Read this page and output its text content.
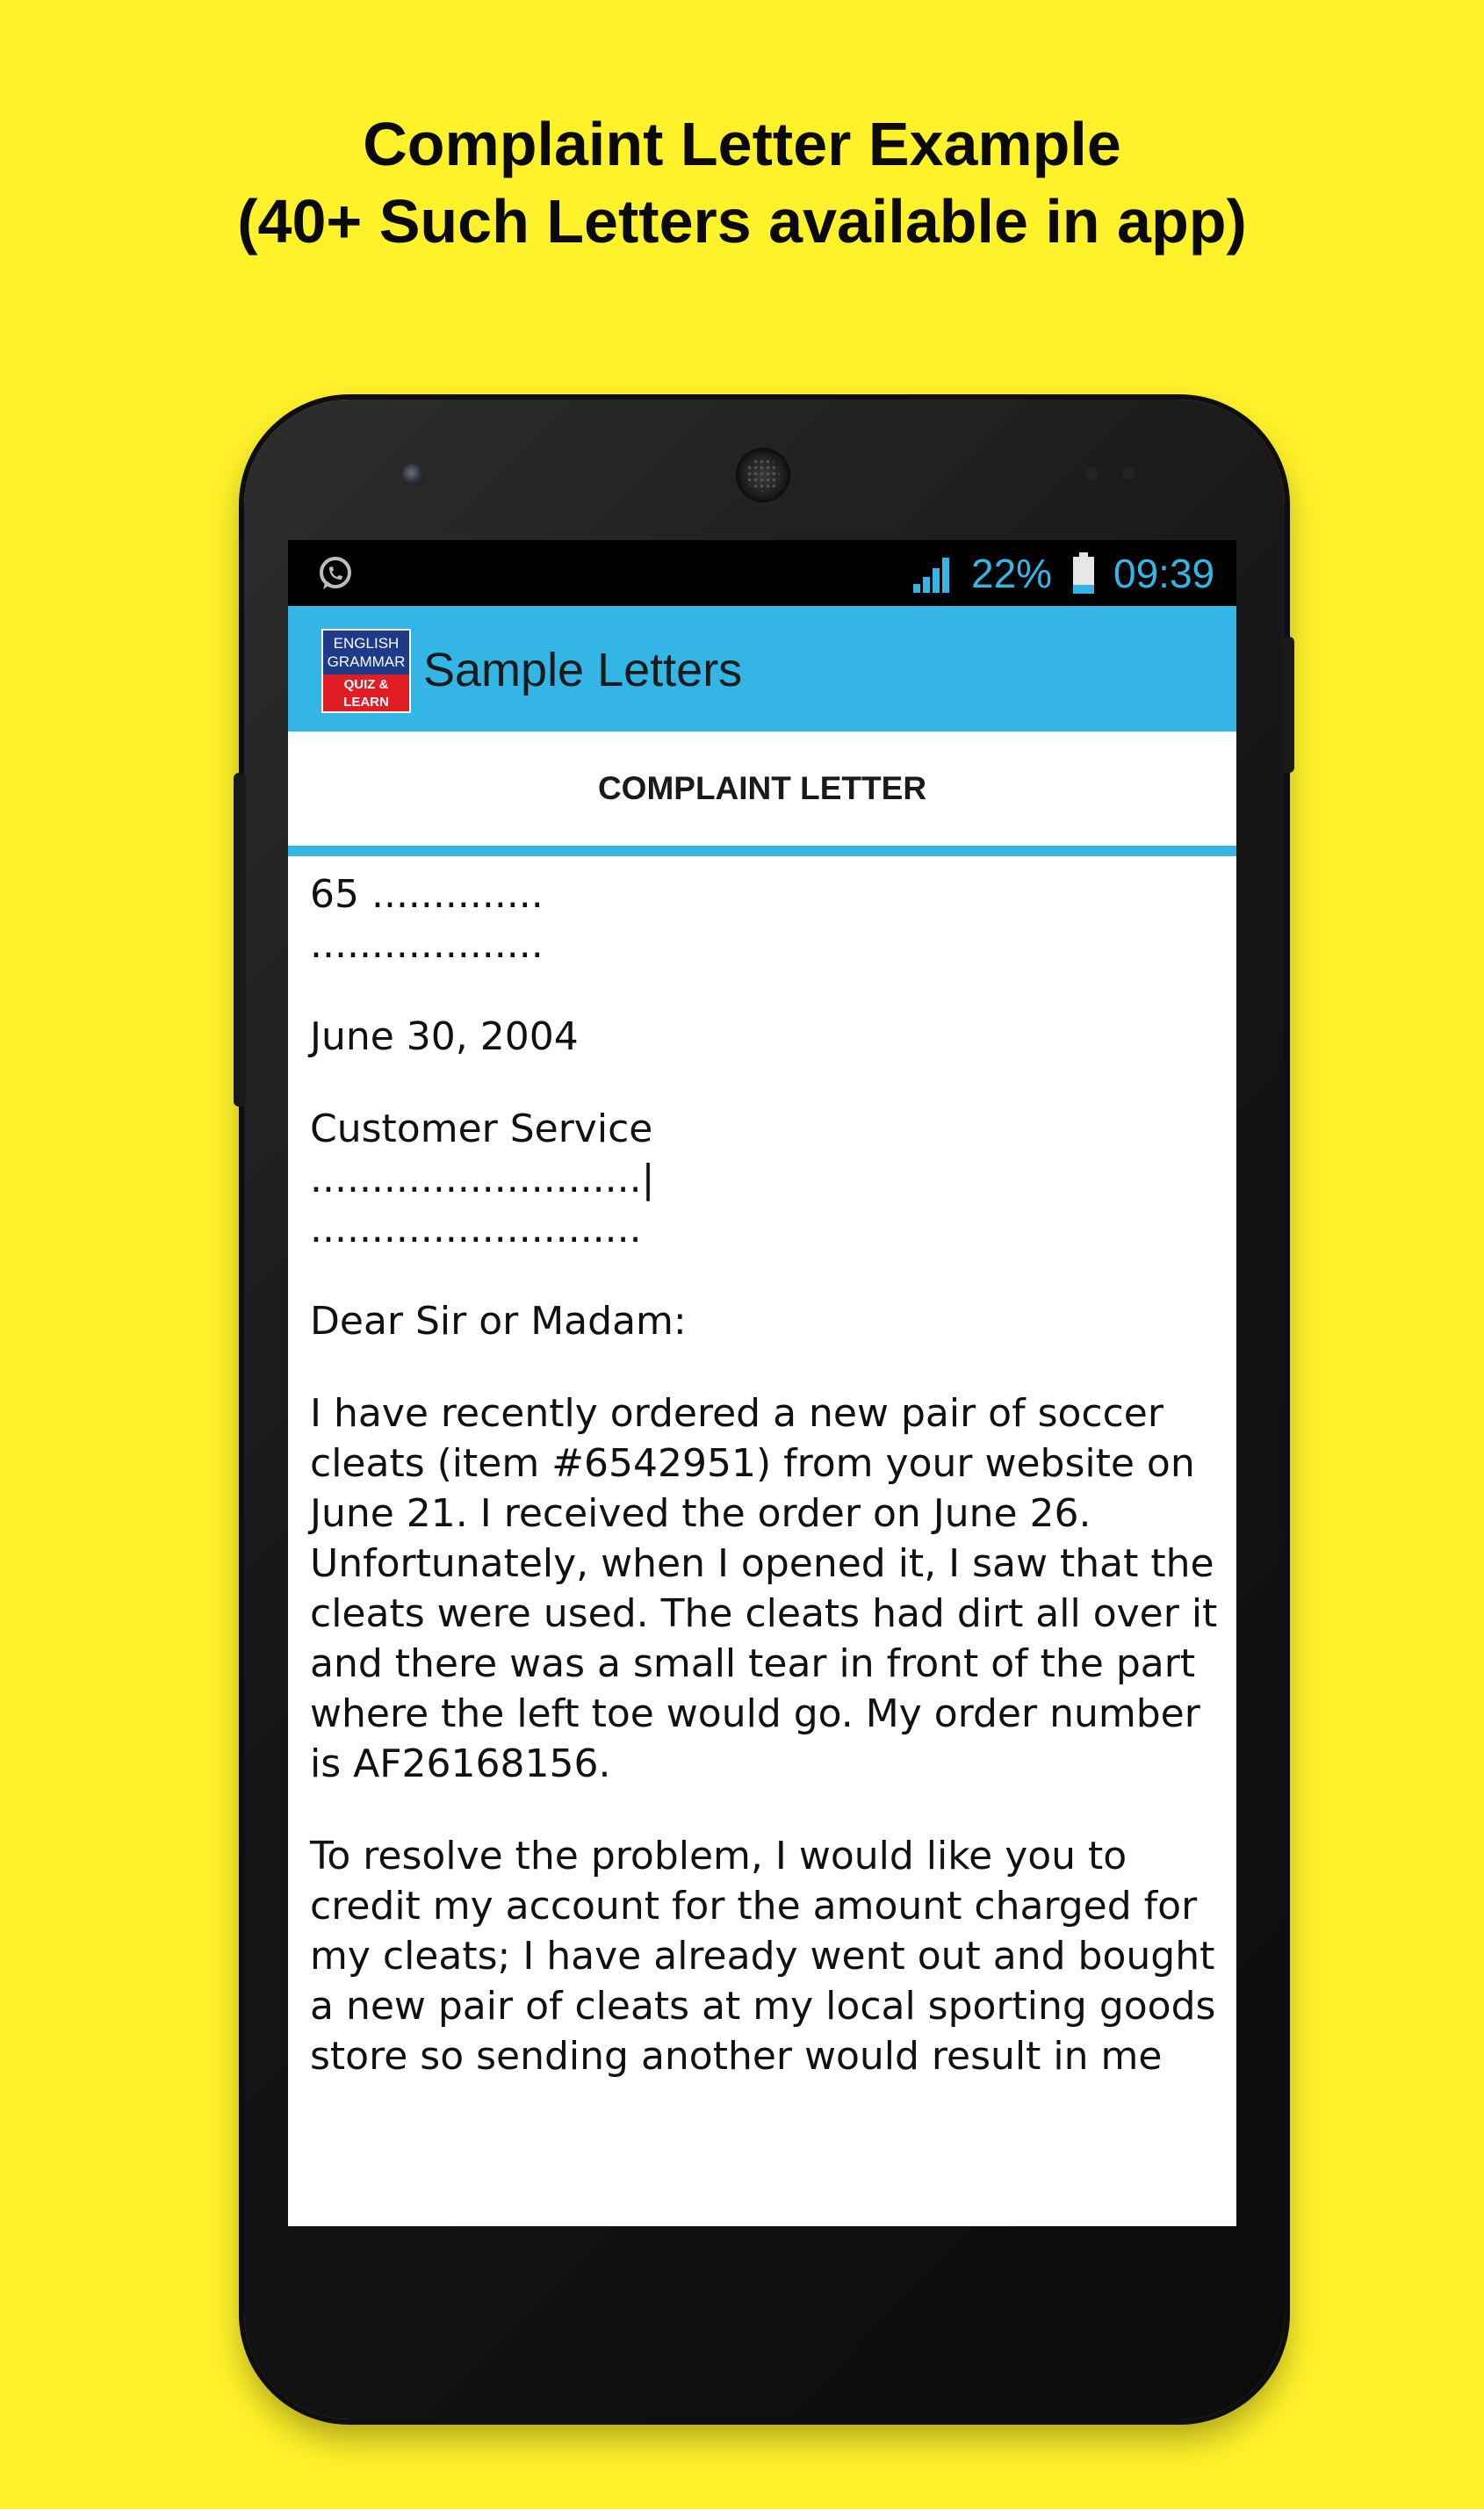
Complaint Letter Example
(40+ Such Letters available in app)
22% 09:39
ENGLISH
GRAMMAR
QUIZ &
LEARN
Sample Letters
COMPLAINT LETTER

65 ..............
...................

June 30, 2004

Customer Service
...........................|
...........................

Dear Sir or Madam:

I have recently ordered a new pair of soccer cleats (item #6542951) from your website on June 21. I received the order on June 26. Unfortunately, when I opened it, I saw that the cleats were used. The cleats had dirt all over it and there was a small tear in front of the part where the left toe would go. My order number is AF26168156.

To resolve the problem, I would like you to credit my account for the amount charged for my cleats; I have already went out and bought a new pair of cleats at my local sporting goods store so sending another would result in me
